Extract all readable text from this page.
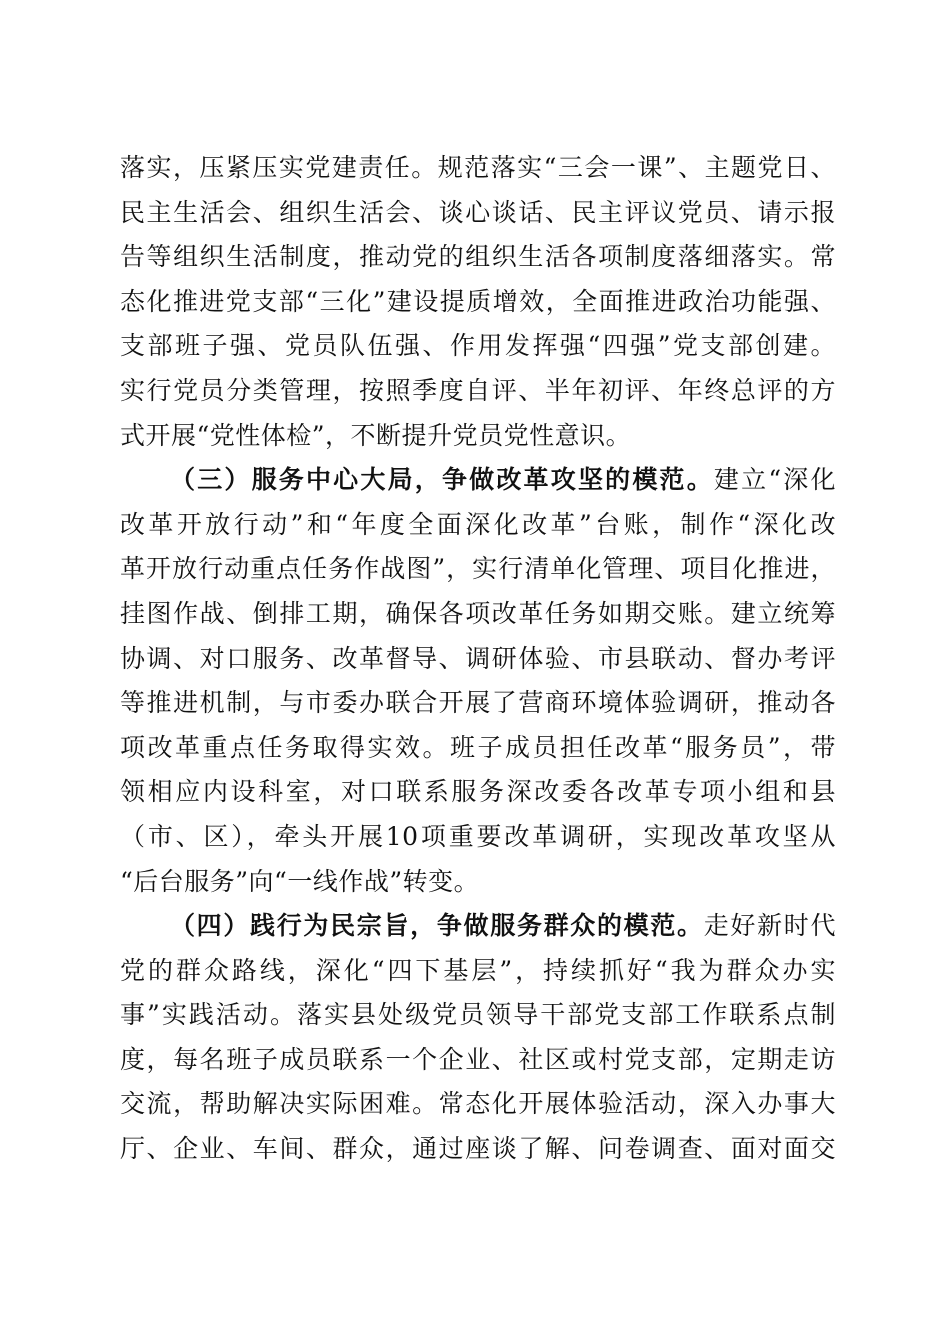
落实，压紧压实党建责任。规范落实“三会一课”、主题党日、
民主生活会、组织生活会、谈心谈话、民主评议党员、请示报
告等组织生活制度，推动党的组织生活各项制度落细落实。常
态化推进党支部“三化”建设提质增效，全面推进政治功能强、
支部班子强、党员队伍强、作用发挥强“四强”党支部创建。
实行党员分类管理，按照季度自评、半年初评、年终总评的方
式开展“党性体检”，不断提升党员党性意识。
（三）服务中心大局，争做改革攻坚的模范。建立“深化
改革开放行动”和“年度全面深化改革”台账，制作“深化改
革开放行动重点任务作战图”，实行清单化管理、项目化推进，
挂图作战、倒排工期，确保各项改革任务如期交账。建立统筹
协调、对口服务、改革督导、调研体验、市县联动、督办考评
等推进机制，与市委办联合开展了营商环境体验调研，推动各
项改革重点任务取得实效。班子成员担任改革“服务员”，带
领相应内设科室，对口联系服务深改委各改革专项小组和县
（市、区），牵头开展10项重要改革调研，实现改革攻坚从
“后台服务”向“一线作战”转变。
（四）践行为民宗旨，争做服务群众的模范。走好新时代
党的群众路线，深化“四下基层”，持续抓好“我为群众办实
事”实践活动。落实县处级党员领导干部党支部工作联系点制
度，每名班子成员联系一个企业、社区或村党支部，定期走访
交流，帮助解决实际困难。常态化开展体验活动，深入办事大
厅、企业、车间、群众，通过座谈了解、问卷调查、面对面交
